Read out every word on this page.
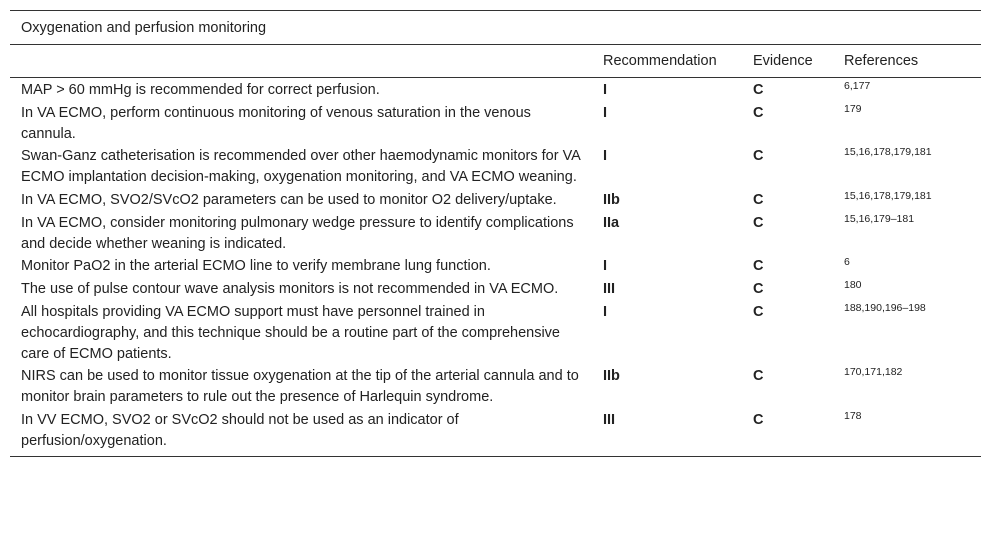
Oxygenation and perfusion monitoring			
	Recommendation	Evidence	References
MAP > 60 mmHg is recommended for correct perfusion.	I	C	6,177
In VA ECMO, perform continuous monitoring of venous saturation in the venous cannula.	I	C	179
Swan-Ganz catheterisation is recommended over other haemodynamic monitors for VA ECMO implantation decision-making, oxygenation monitoring, and VA ECMO weaning.	I	C	15,16,178,179,181
In VA ECMO, SVO2/SVcO2 parameters can be used to monitor O2 delivery/uptake.	IIb	C	15,16,178,179,181
In VA ECMO, consider monitoring pulmonary wedge pressure to identify complications and decide whether weaning is indicated.	IIa	C	15,16,179–181
Monitor PaO2 in the arterial ECMO line to verify membrane lung function.	I	C	6
The use of pulse contour wave analysis monitors is not recommended in VA ECMO.	III	C	180
All hospitals providing VA ECMO support must have personnel trained in echocardiography, and this technique should be a routine part of the comprehensive care of ECMO patients.	I	C	188,190,196–198
NIRS can be used to monitor tissue oxygenation at the tip of the arterial cannula and to monitor brain parameters to rule out the presence of Harlequin syndrome.	IIb	C	170,171,182
In VV ECMO, SVO2 or SVcO2 should not be used as an indicator of perfusion/oxygenation.	III	C	178
